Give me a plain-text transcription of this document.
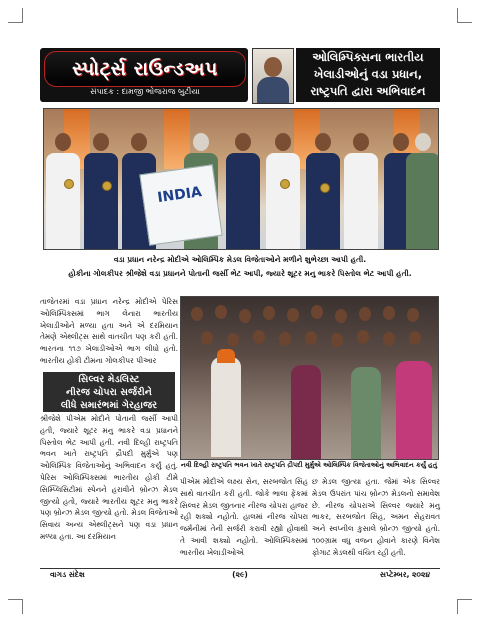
સ્પોર્ટ્સ રાઉન્ડઅપ
સંપાદક : દામજી ભોજરાજ બુટીયા
ઓલિમ્પિક્સના ભારતીય
ખેલાડીઓનું વડા પ્રધાન,
રાષ્ટ્રપતિ દ્વારા અભિવાદન
INDIA
વડા પ્રધાન નરેન્દ્ર મોદીએ ઓલિમ્પિક મેડલ વિજેતાઓને મળીને શુભેચ્છા આપી હતી.
હોકીના ગોલકીપર શ્રીજેશે વડા પ્રધાનને પોતાની જર્સી ભેટ આપી, જ્યારે શૂટર મનુ ભાકરે પિસ્તોલ ભેટ આપી હતી.
તાજેતરમાં વડા પ્રધાન નરેન્દ્ર મોદીએ પેરિસ ઓલિમ્પિક્સમાં ભાગ લેનારા ભારતીય ખેલાડીઓને મળ્યા હતા અને એ દરમિયાન તેમણે એથ્લીટ્સ સાથે વાતચીત પણ કરી હતી. ભારતના ૧૧૭ ખેલાડીઓએ ભાગ લીધો હતો. ભારતીય હોકી ટીમના ગોલકીપર પીઆર
સિલ્વર મેડલિસ્ટ
નીરજ ચોપરા સર્જરીને
લીધે સમારંભમાં ગેરહાજર
શ્રીજેશે પીએમ મોદીને પોતાની જર્સી આપી હતી, જ્યારે શૂટર મનુ ભાકરે વડા પ્રધાનને પિસ્તોલ ભેટ આપી હતી. નવી દિલ્હી રાષ્ટ્રપતિ ભવન ખાતે રાષ્ટ્રપતિ દ્રૌપદી મુર્મુએ પણ ઓલિમ્પિક વિજેતાઓનું અભિવાદન કર્યું હતું. પેરિસ ઓલિમ્પિક્સમાં ભારતીય હોકી ટીમે સિમ્પ્લિસિટીમાં સ્પેનને હરાવીને બ્રોન્ઝ મેડલ જીત્યો હતો, જ્યારે ભારતીય શૂટર મનુ ભાકરે પણ બ્રોન્ઝ મેડલ જીત્યો હતો. મેડલ વિજેતાઓ સિવાય અન્ય એથ્લીટ્સને પણ વડા પ્રધાન મળ્યા હતા. આ દરમિયાન
નવી દિલ્હી રાષ્ટ્રપતિ ભવન ખાતે રાષ્ટ્રપતિ દ્રૌપદી મુર્મુએ ઓલિમ્પિક વિજેતાઓનું અભિવાદન કર્યું હતું
પીએમ મોદીએ લક્ષ્ય સેન, સરબજોત સિંહ સાથે વાતચીત કરી હતી. જોકે ભાલા ફેંકમાં સિલ્વર મેડલ જીતનાર નીરજ ચોપરા હાજર રહી શક્યો નહોતો. હાલમાં નીરજ ચોપરા જર્મનીમાં તેની સર્જરી કરાવી રહ્યો હોવાથી તે આવી શક્યો નહોતો. ઓલિમ્પિક્સમાં ભારતીય ખેલાડીઓએ
છ મેડલ જીત્યા હતા. જેમાં એક સિલ્વર મેડલ ઉપરાંત પાંચ બ્રોન્ઝ મેડલનો સમાવેશ છે. નીરજ ચોપરાએ સિલ્વર જ્યારે મનુ ભાકર, સરબજોત સિંહ, અમન સેહરાવત અને સ્વપ્નીલ કુસાલે બ્રોન્ઝ જીત્યો હતો. ૧૦૦ગ્રામ વધુ વજન હોવાને કારણે વિનેશ ફોગાટ મેડલથી વંચિત રહી હતી.
વાગડ સંદેશ	(૨૯)	સપ્ટેમ્બર, ૨૦૨૪
